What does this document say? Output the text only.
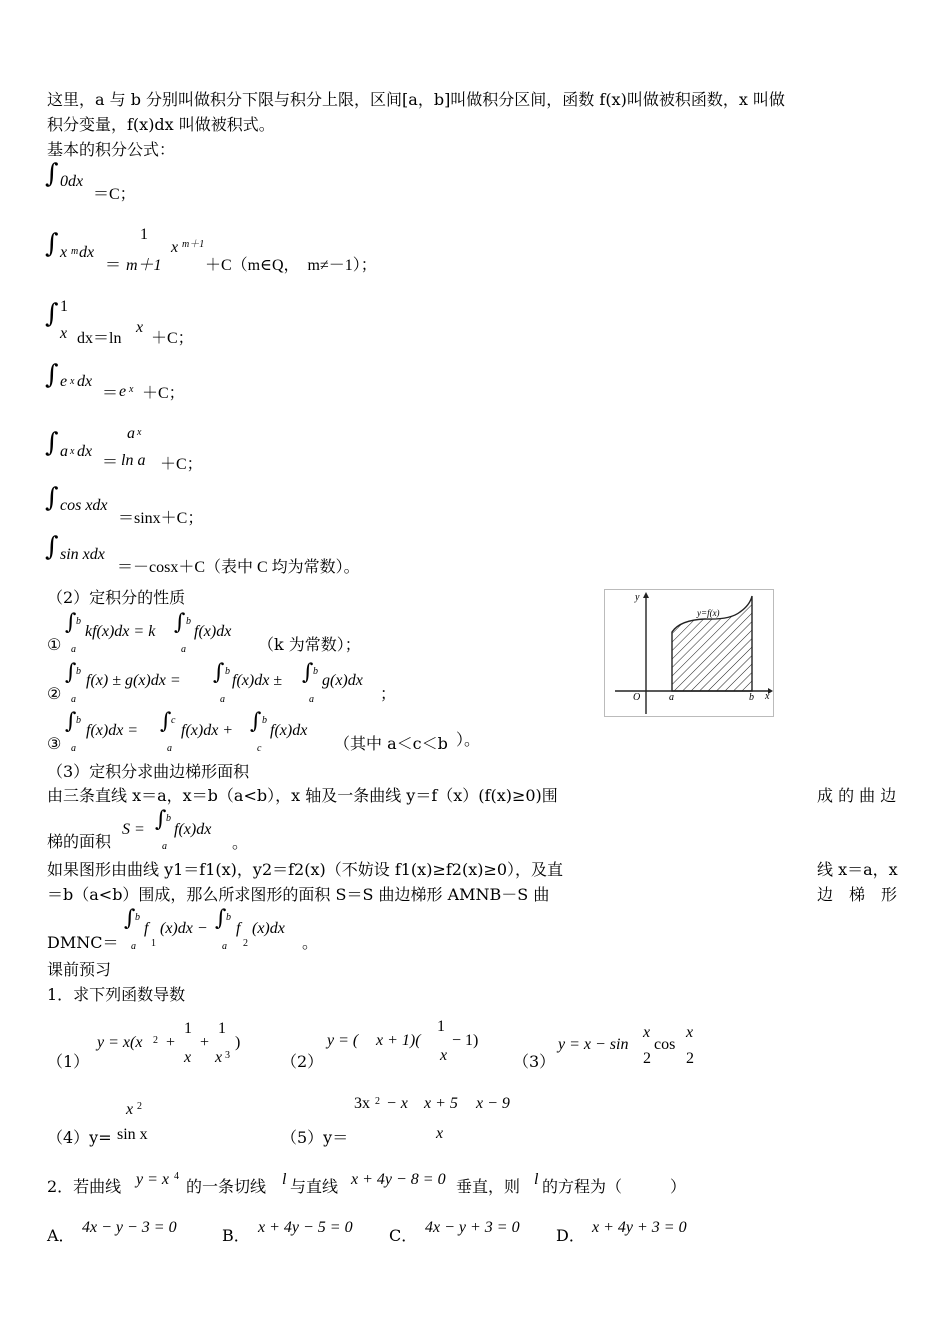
这里，a 与 b 分别叫做积分下限与积分上限，区间[a，b]叫做积分区间，函数 f(x)叫做被积函数，x 叫做
积分变量，f(x)dx 叫做被积式。
基本的积分公式：
∫ 0dx
＝C；
∫ x m dx
＝
1
m＋1
x m＋1
＋C（m∈Q，　m≠－1）；
∫ 1
x dx＝ln
x
＋C；
∫ e x dx
＝ e x ＋C；
∫ a x dx
＝
a x
ln a ＋C；
∫ cos xdx
＝sinx＋C；
∫ sin xdx
＝－cosx＋C（表中 C 均为常数）。
（2）定积分的性质
①
∫ b
a
kf(x)dx = k ∫ b
a
f(x)dx
（k 为常数）；
②
∫ b
a
f(x) ± g(x)dx = ∫ b
a
f(x)dx ± ∫ b
a
g(x)dx
；
③
∫ b
a
f(x)dx = ∫ c
a
f(x)dx + ∫ b
c
f(x)dx
（其中 a＜c＜b ）。
y
x
O	a	b
y=f(x)
（3）定积分求曲边梯形面积
由三条直线 x＝a，x＝b（a<b），x 轴及一条曲线 y＝f（x）(f(x)≥0)围	成 的 曲 边
梯的面积
S = ∫ b
a
f(x)dx
。
如果图形由曲线 y1＝f1(x)，y2＝f2(x)（不妨设 f1(x)≥f2(x)≥0），及直	线 x＝a，x
＝b（a<b）围成，那么所求图形的面积 S＝S 曲边梯形 AMNB－S 曲	边　梯　形
DMNC＝
∫ b
a
f
1
(x)dx − ∫ b
a
f
2
(x)dx
。
课前预习
1．求下列函数导数
（1）
y = x(x 2 +
1
x
+
1
x 3
)
（2）
y = ( x + 1)(
1
x
− 1)
（3）
y = x − sin
x
2
cos
x
2
（4）y=
x 2
sin x	（5）y＝
3x 2 − x x + 5 x − 9
x
2．若曲线 y = x 4
的一条切线 l 与直线 x + 4y − 8 = 0 垂直，则 l 的方程为（　　　）
A． 4x − y − 3 = 0	B． x + 4y − 5 = 0 C． 4x − y + 3 = 0 D． x + 4y + 3 = 0
